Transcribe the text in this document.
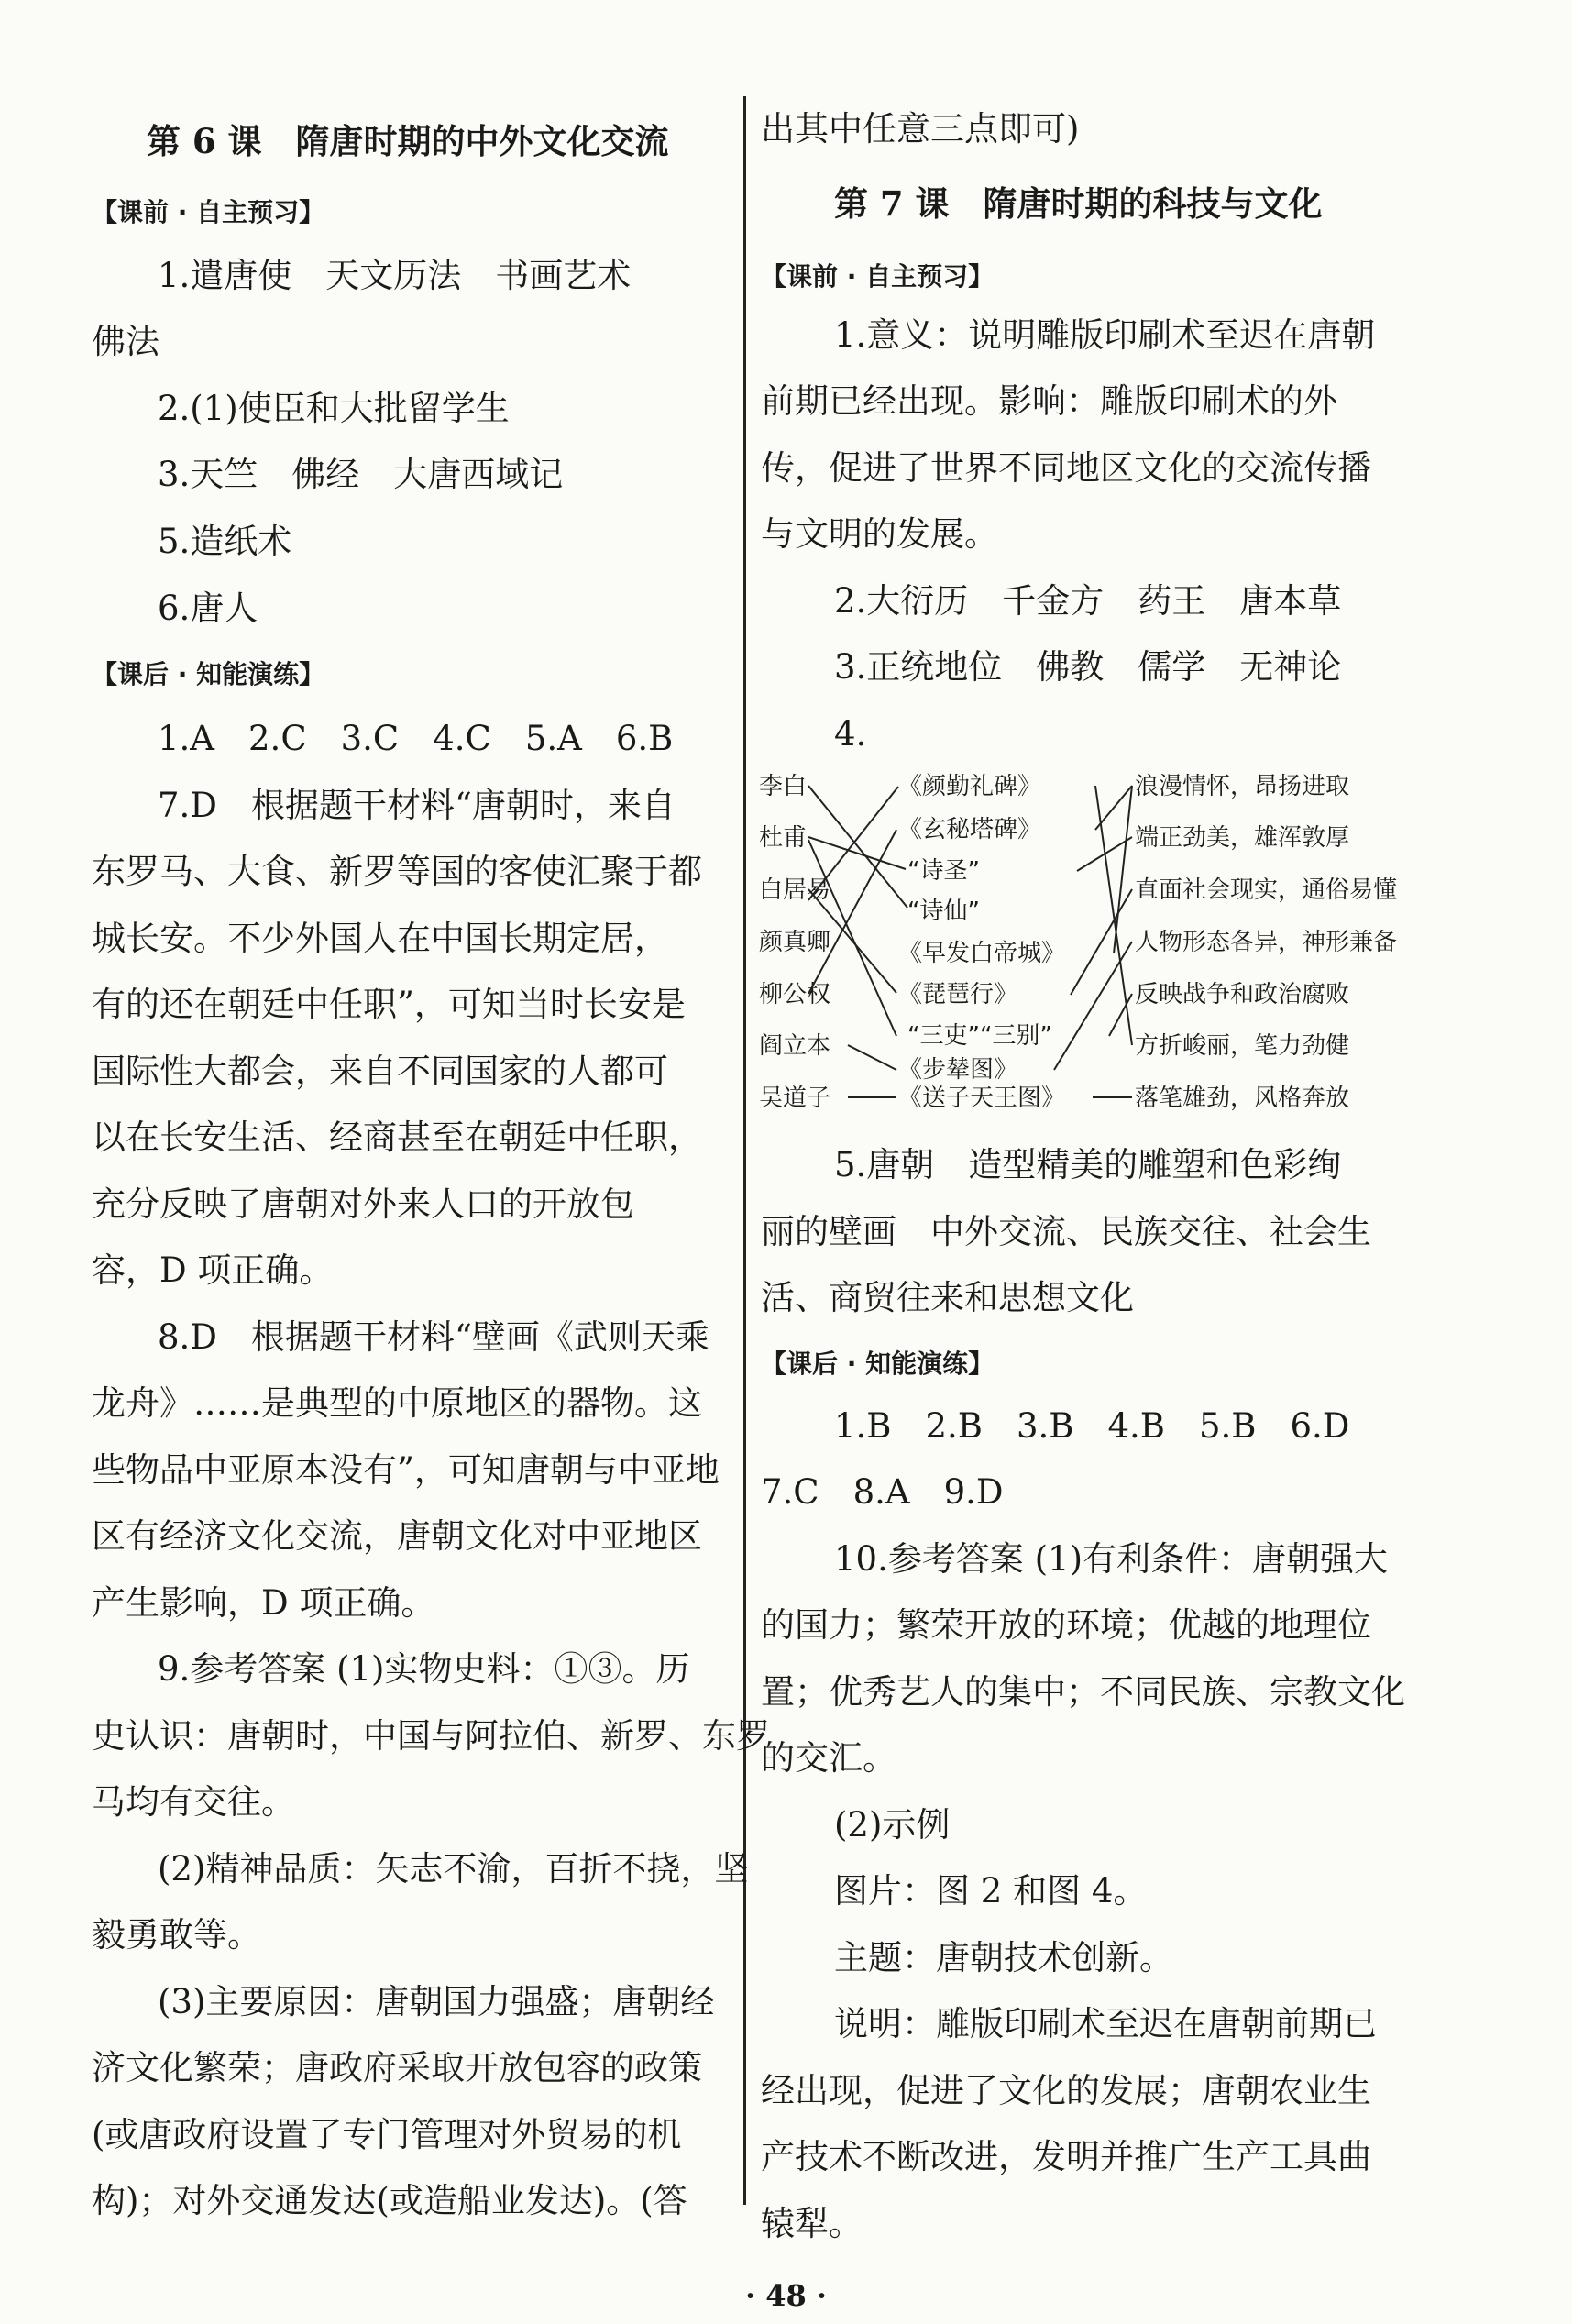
第 6 课　隋唐时期的中外文化交流
【课前 · 自主预习】
1.遣唐使　天文历法　书画艺术
佛法
2.(1)使臣和大批留学生
3.天竺　佛经　大唐西域记
5.造纸术
6.唐人
【课后 · 知能演练】
1.A　2.C　3.C　4.C　5.A　6.B
7.D　根据题干材料“唐朝时，来自
东罗马、大食、新罗等国的客使汇聚于都
城长安。不少外国人在中国长期定居，
有的还在朝廷中任职”，可知当时长安是
国际性大都会，来自不同国家的人都可
以在长安生活、经商甚至在朝廷中任职，
充分反映了唐朝对外来人口的开放包
容，D 项正确。
8.D　根据题干材料“壁画《武则天乘
龙舟》……是典型的中原地区的器物。这
些物品中亚原本没有”，可知唐朝与中亚地
区有经济文化交流，唐朝文化对中亚地区
产生影响，D 项正确。
9.参考答案 (1)实物史料：①③。历
史认识：唐朝时，中国与阿拉伯、新罗、东罗
马均有交往。
(2)精神品质：矢志不渝，百折不挠，坚
毅勇敢等。
(3)主要原因：唐朝国力强盛；唐朝经
济文化繁荣；唐政府采取开放包容的政策
(或唐政府设置了专门管理对外贸易的机
构)；对外交通发达(或造船业发达)。(答
出其中任意三点即可)
第 7 课　隋唐时期的科技与文化
【课前 · 自主预习】
1.意义：说明雕版印刷术至迟在唐朝
前期已经出现。影响：雕版印刷术的外
传，促进了世界不同地区文化的交流传播
与文明的发展。
2.大衍历　千金方　药王　唐本草
3.正统地位　佛教　儒学　无神论
4.
李白
杜甫
白居易
颜真卿
柳公权
阎立本
吴道子
《颜勤礼碑》
《玄秘塔碑》
“诗圣”
“诗仙”
《早发白帝城》
《琵琶行》
“三吏”“三别”
《步辇图》
《送子天王图》
浪漫情怀，昂扬进取
端正劲美，雄浑敦厚
直面社会现实，通俗易懂
人物形态各异，神形兼备
反映战争和政治腐败
方折峻丽，笔力劲健
落笔雄劲，风格奔放
5.唐朝　造型精美的雕塑和色彩绚
丽的壁画　中外交流、民族交往、社会生
活、商贸往来和思想文化
【课后 · 知能演练】
1.B　2.B　3.B　4.B　5.B　6.D
7.C　8.A　9.D
10.参考答案 (1)有利条件：唐朝强大
的国力；繁荣开放的环境；优越的地理位
置；优秀艺人的集中；不同民族、宗教文化
的交汇。
(2)示例
图片：图 2 和图 4。
主题：唐朝技术创新。
说明：雕版印刷术至迟在唐朝前期已
经出现，促进了文化的发展；唐朝农业生
产技术不断改进，发明并推广生产工具曲
辕犁。
· 48 ·
